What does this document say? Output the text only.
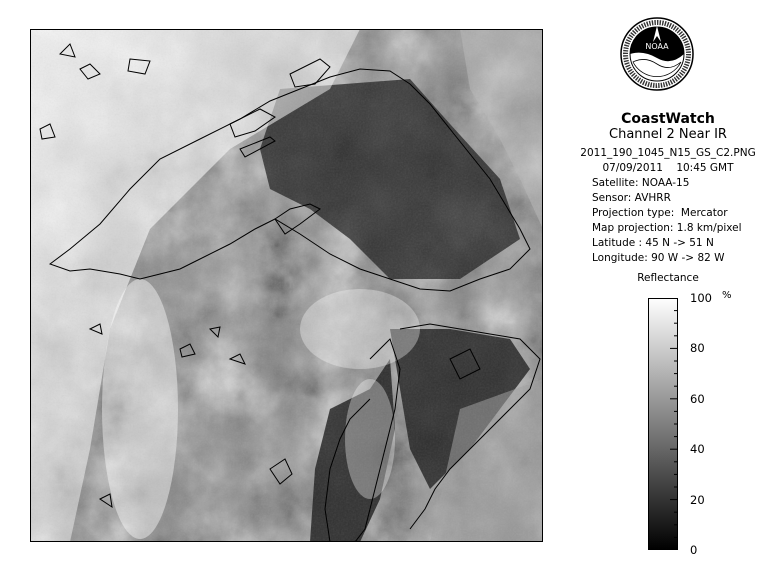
NOAA
CoastWatch
Channel 2 Near IR
2011_190_1045_N15_GS_C2.PNG
07/09/2011    10:45 GMT
Satellite: NOAA-15
Sensor: AVHRR
Projection type:  Mercator
Map projection: 1.8 km/pixel
Latitude : 45 N -> 51 N
Longitude: 90 W -> 82 W
Reflectance
100
80
60
40
20
0
%
